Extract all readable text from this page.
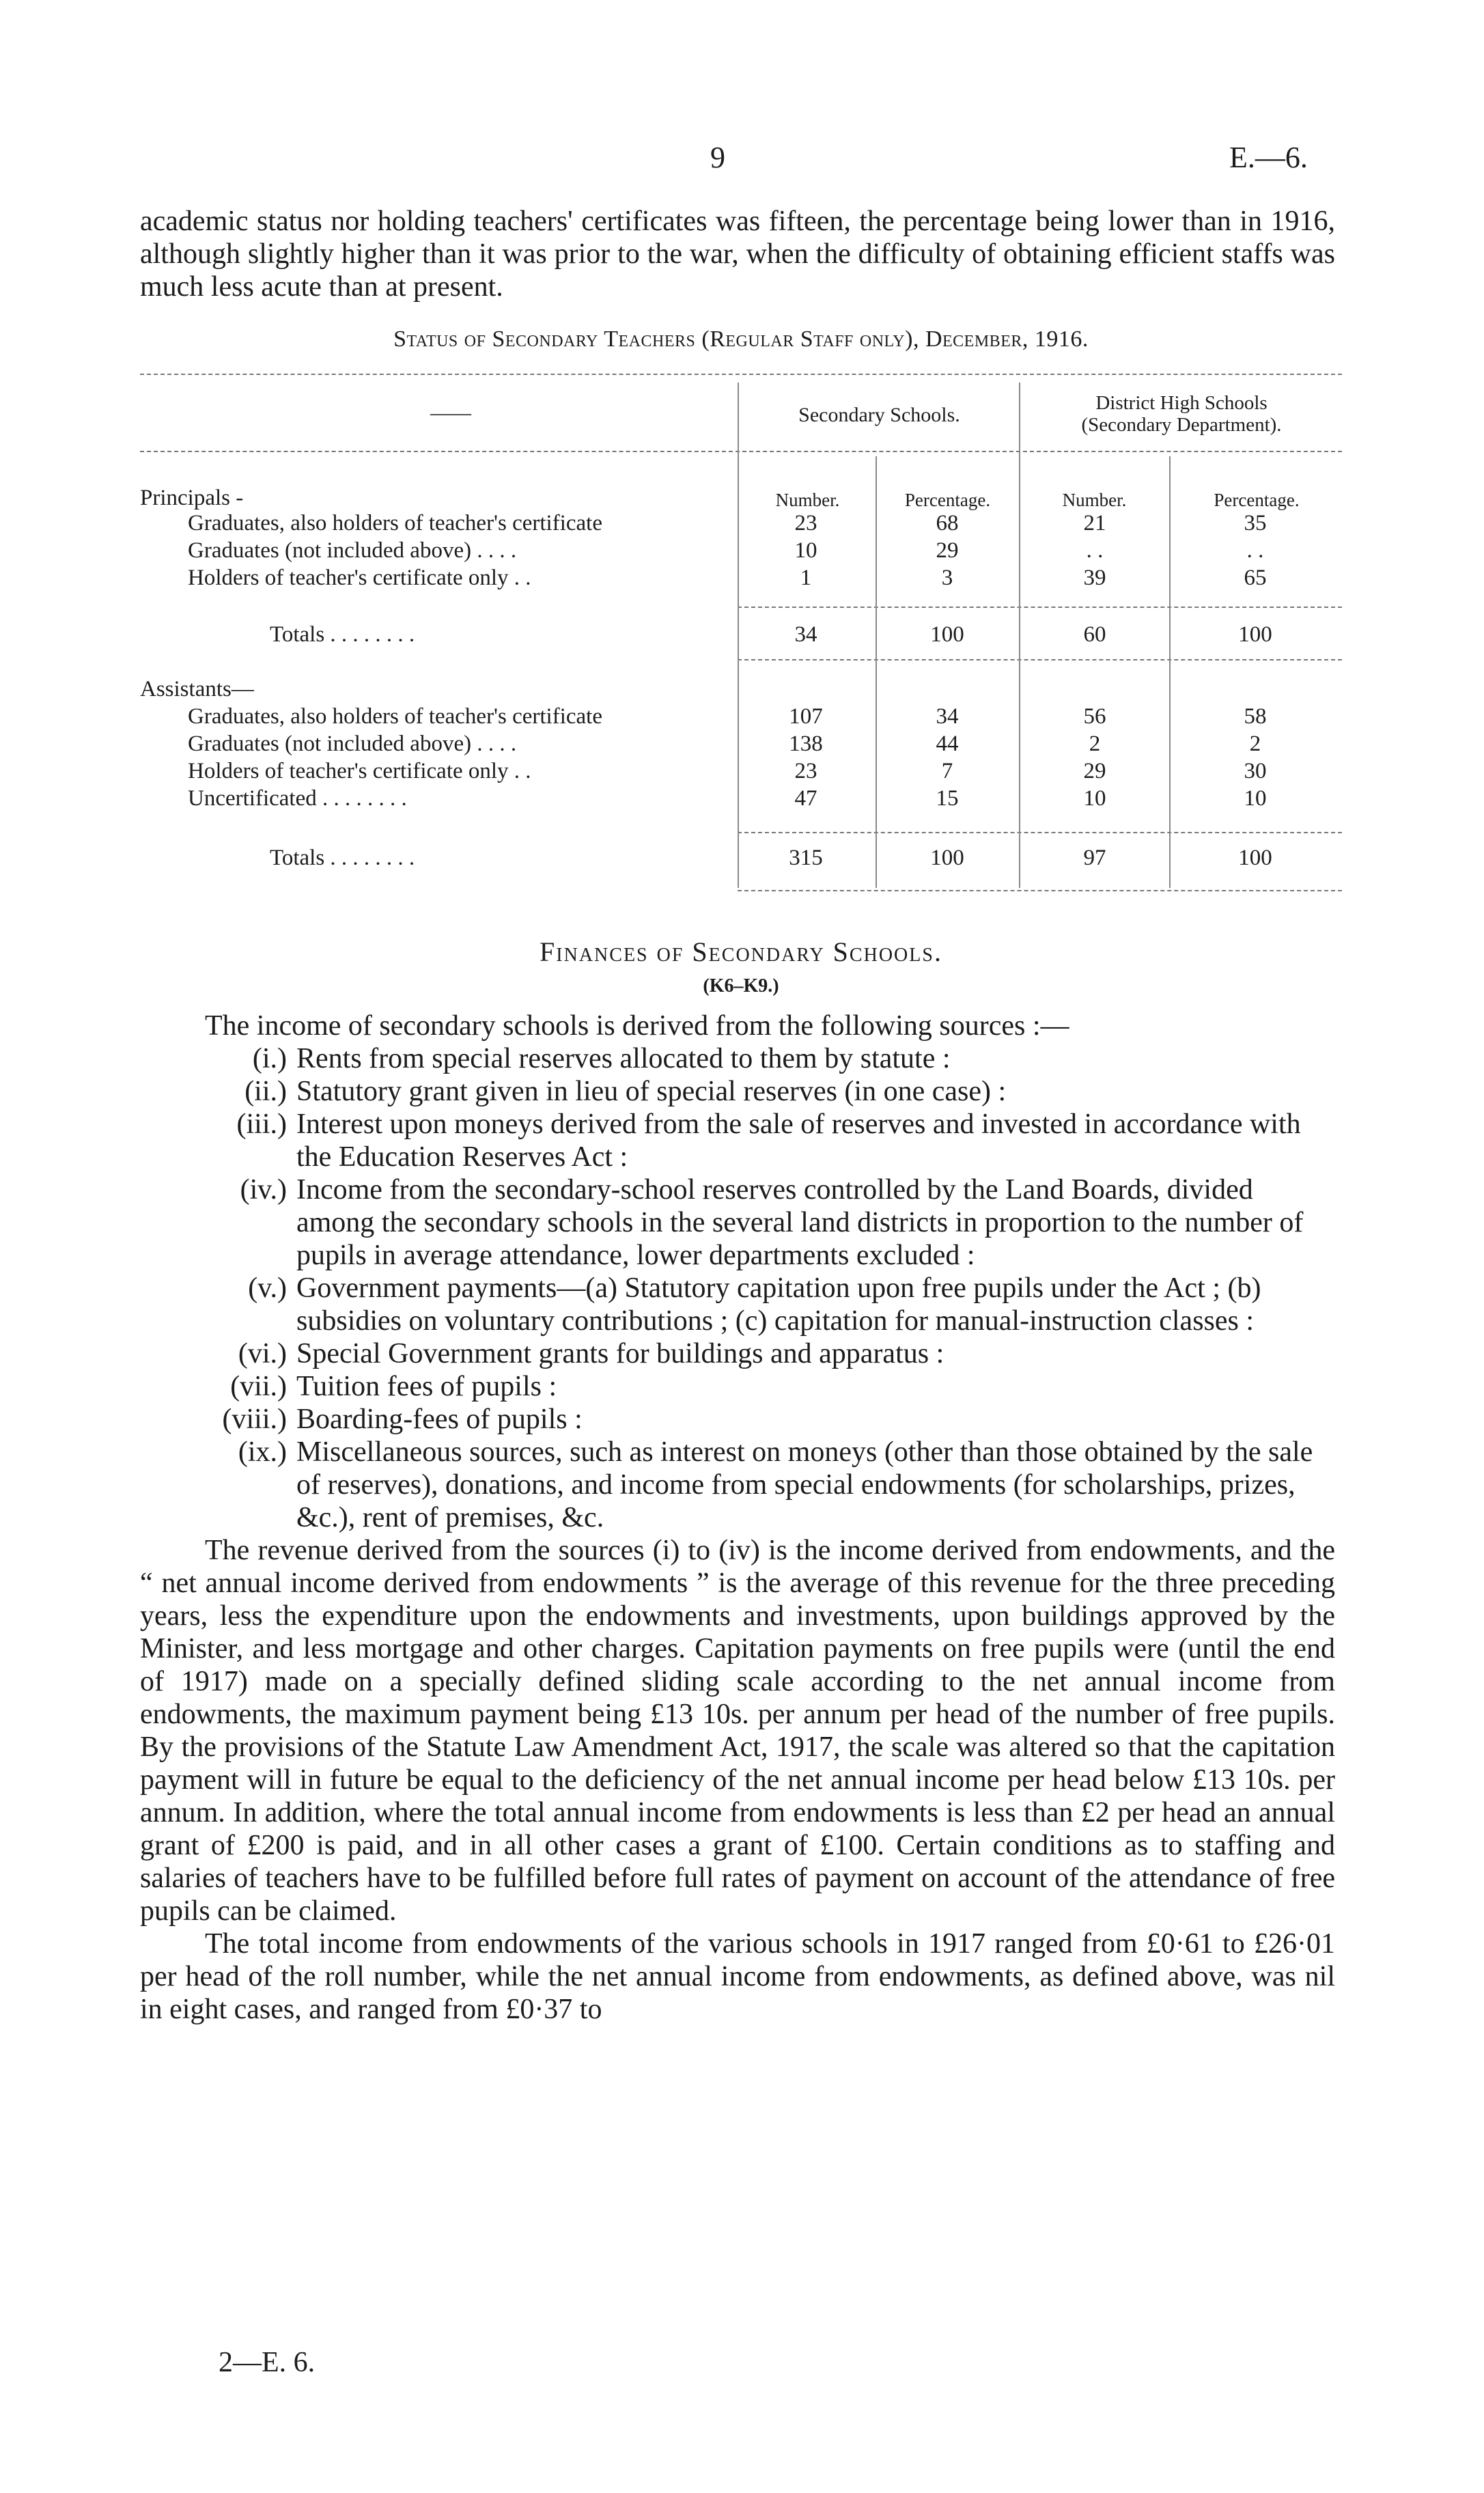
9	E.—6.

academic status nor holding teachers' certificates was fifteen, the percentage being lower than in 1916, although slightly higher than it was prior to the war, when the difficulty of obtaining efficient staffs was much less acute than at present.

Status of Secondary Teachers (Regular Staff only), December, 1916.
——	Secondary Schools.
District High Schools
(Secondary Department).
Number.	Percentage.	Number.	Percentage.
Principals -
Graduates, also holders of teacher's certificate	23	68	21	35
Graduates (not included above) . . . .	10	29	. .	. .
Holders of teacher's certificate only . .	1	3	39	65
Totals . . . . . . . .	34	100	60	100
Assistants—
Graduates, also holders of teacher's certificate	107	34	56	58
Graduates (not included above) . . . .	138	44	2	2
Holders of teacher's certificate only . .	23	7	29	30
Uncertificated . . . . . . . .	47	15	10	10
Totals . . . . . . . .	315	100	97	100
Finances of Secondary Schools.
(K6–K9.)

The income of secondary schools is derived from the following sources :—

(i.) Rents from special reserves allocated to them by statute :
(ii.) Statutory grant given in lieu of special reserves (in one case) :
(iii.) Interest upon moneys derived from the sale of reserves and invested in accordance with the Education Reserves Act :
(iv.) Income from the secondary-school reserves controlled by the Land Boards, divided among the secondary schools in the several land districts in proportion to the number of pupils in average attendance, lower departments excluded :
(v.) Government payments—(a) Statutory capitation upon free pupils under the Act ; (b) subsidies on voluntary contributions ; (c) capitation for manual-instruction classes :
(vi.) Special Government grants for buildings and apparatus :
(vii.) Tuition fees of pupils :
(viii.) Boarding-fees of pupils :
(ix.) Miscellaneous sources, such as interest on moneys (other than those obtained by the sale of reserves), donations, and income from special endowments (for scholarships, prizes, &c.), rent of premises, &c.

The revenue derived from the sources (i) to (iv) is the income derived from endowments, and the “ net annual income derived from endowments ” is the average of this revenue for the three preceding years, less the expenditure upon the endowments and investments, upon buildings approved by the Minister, and less mortgage and other charges. Capitation payments on free pupils were (until the end of 1917) made on a specially defined sliding scale according to the net annual income from endowments, the maximum payment being £13 10s. per annum per head of the number of free pupils. By the provisions of the Statute Law Amendment Act, 1917, the scale was altered so that the capitation payment will in future be equal to the deficiency of the net annual income per head below £13 10s. per annum. In addition, where the total annual income from endowments is less than £2 per head an annual grant of £200 is paid, and in all other cases a grant of £100. Certain conditions as to staffing and salaries of teachers have to be fulfilled before full rates of payment on account of the attendance of free pupils can be claimed.

The total income from endowments of the various schools in 1917 ranged from £0·61 to £26·01 per head of the roll number, while the net annual income from endowments, as defined above, was nil in eight cases, and ranged from £0·37 to

2—E. 6.
